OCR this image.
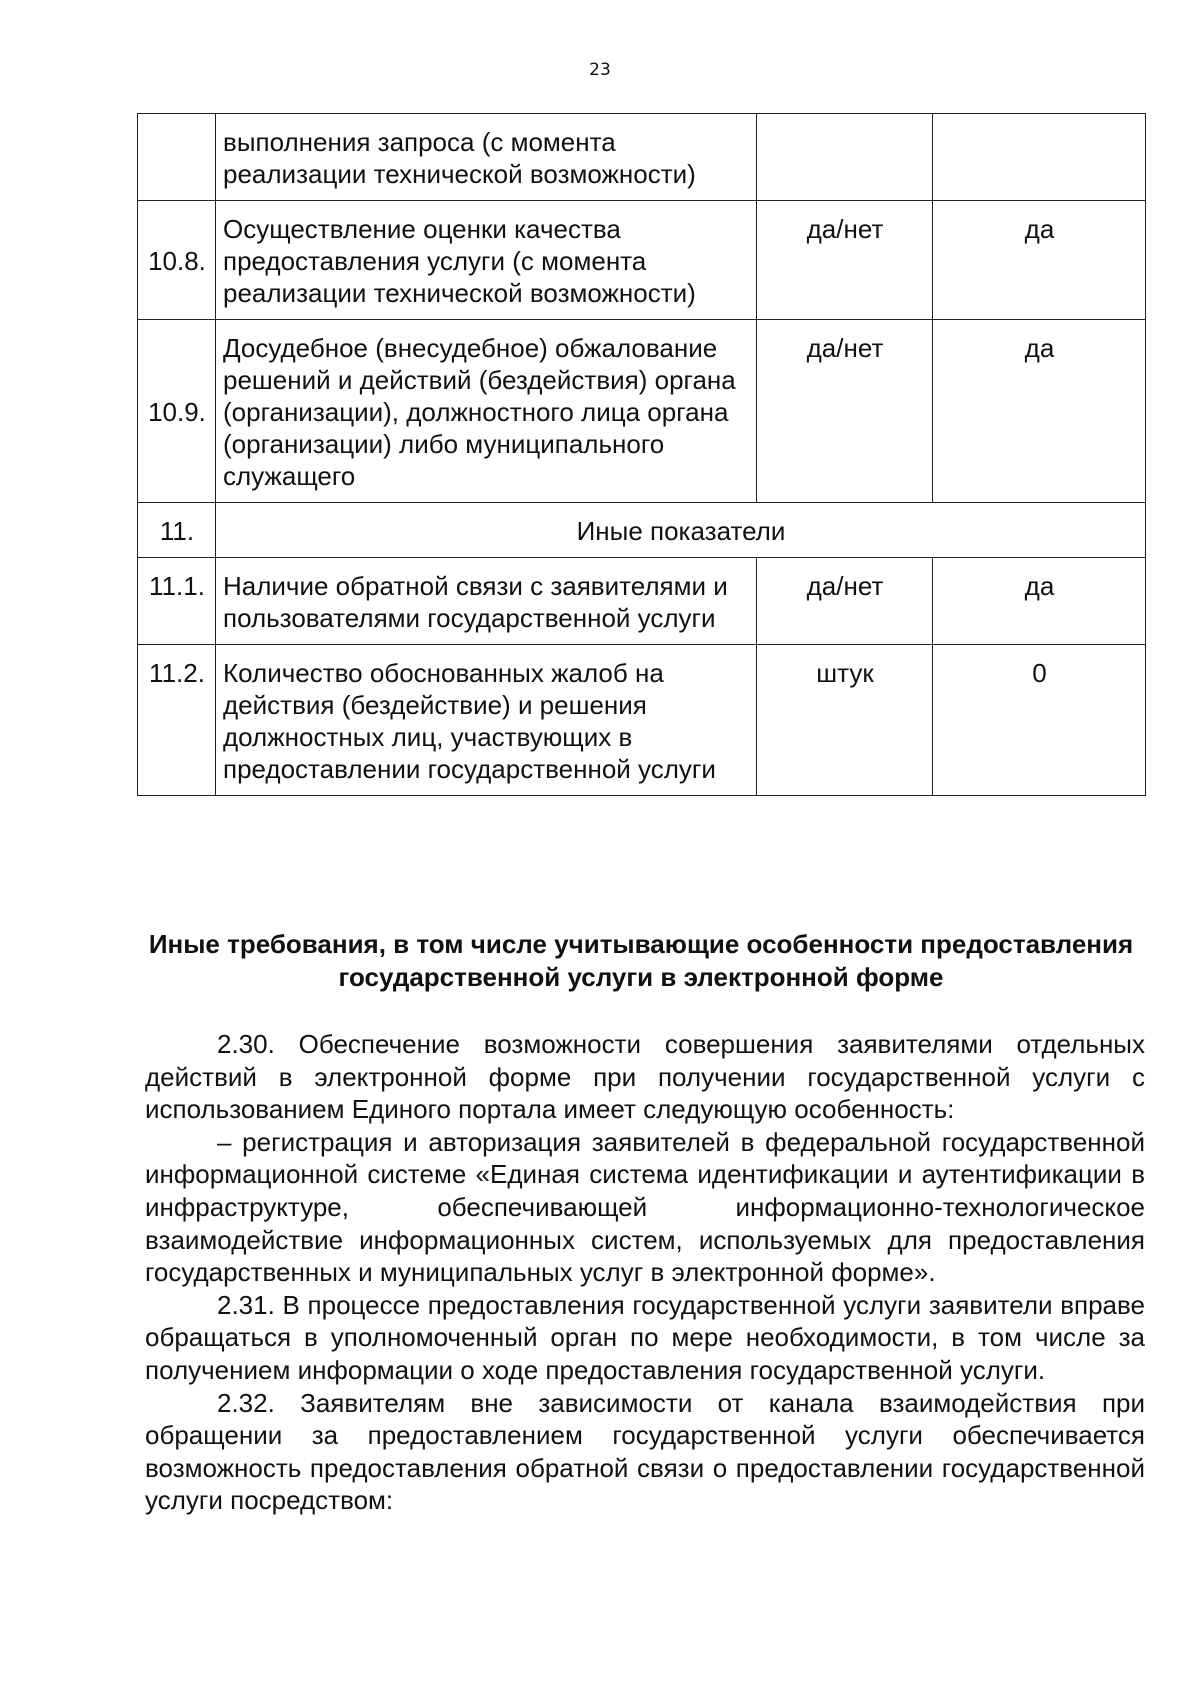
23
	выполнения запроса (с момента реализации технической возможности)		
10.8.	Осуществление оценки качества предоставления услуги (с момента реализации технической возможности)	да/нет	да
10.9.	Досудебное (внесудебное) обжалование решений и действий (бездействия) органа (организации), должностного лица органа (организации) либо муниципального служащего	да/нет	да
11.	Иные показатели		
11.1.	Наличие обратной связи с заявителями и пользователями государственной услуги	да/нет	да
11.2.	Количество обоснованных жалоб на действия (бездействие) и решения должностных лиц, участвующих в предоставлении государственной услуги	штук	0
Иные требования, в том числе учитывающие особенности предоставления государственной услуги в электронной форме

2.30. Обеспечение возможности совершения заявителями отдельных действий в электронной форме при получении государственной услуги с использованием Единого портала имеет следующую особенность:

– регистрация и авторизация заявителей в федеральной государственной информационной системе «Единая система идентификации и аутентификации в инфраструктуре, обеспечивающей информационно-технологическое взаимодействие информационных систем, используемых для предоставления государственных и муниципальных услуг в электронной форме».

2.31. В процессе предоставления государственной услуги заявители вправе обращаться в уполномоченный орган по мере необходимости, в том числе за получением информации о ходе предоставления государственной услуги.

2.32. Заявителям вне зависимости от канала взаимодействия при обращении за предоставлением государственной услуги обеспечивается возможность предоставления обратной связи о предоставлении государственной услуги посредством:
